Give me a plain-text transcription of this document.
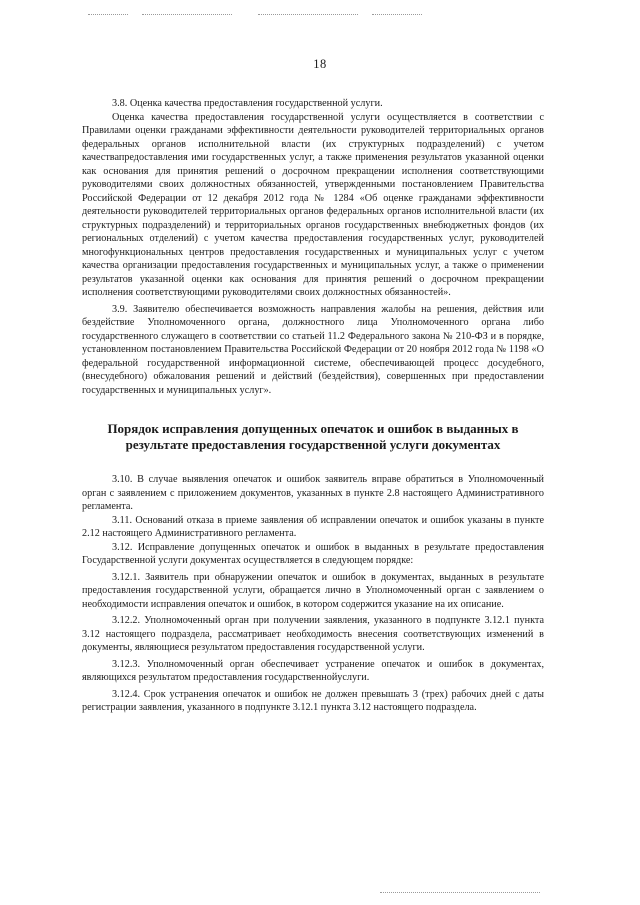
18

3.8. Оценка качества предоставления государственной услуги.

Оценка качества предоставления государственной услуги осуществляется в соответствии с Правилами оценки гражданами эффективности деятельности руководителей территориальных органов федеральных органов исполнительной власти (их структурных подразделений) с учетом качествапредоставления ими государственных услуг, а также применения результатов указанной оценки как основания для принятия решений о досрочном прекращении исполнения соответствующими руководителями своих должностных обязанностей, утвержденными постановлением Правительства Российской Федерации от 12 декабря 2012 года № 1284 «Об оценке гражданами эффективности деятельности руководителей территориальных органов федеральных органов исполнительной власти (их структурных подразделений) и территориальных органов государственных внебюджетных фондов (их региональных отделений) с учетом качества предоставления государственных услуг, руководителей многофункциональных центров предоставления государственных и муниципальных услуг с учетом качества организации предоставления государственных и муниципальных услуг, а также о применении результатов указанной оценки как основания для принятия решений о досрочном прекращении исполнения соответствующими руководителями своих должностных обязанностей».

3.9. Заявителю обеспечивается возможность направления жалобы на решения, действия или бездействие Уполномоченного органа, должностного лица Уполномоченного органа либо государственного служащего в соответствии со статьей 11.2 Федерального закона № 210-ФЗ и в порядке, установленном постановлением Правительства Российской Федерации от 20 ноября 2012 года № 1198 «О федеральной государственной информационной системе, обеспечивающей процесс досудебного, (внесудебного) обжалования решений и действий (бездействия), совершенных при предоставлении государственных и муниципальных услуг».

Порядок исправления допущенных опечаток и ошибок в выданных в результате предоставления государственной услуги документах

3.10. В случае выявления опечаток и ошибок заявитель вправе обратиться в Уполномоченный орган с заявлением с приложением документов, указанных в пункте 2.8 настоящего Административного регламента.

3.11. Оснований отказа в приеме заявления об исправлении опечаток и ошибок указаны в пункте 2.12 настоящего Административного регламента.

3.12. Исправление допущенных опечаток и ошибок в выданных в результате предоставления Государственной услуги документах осуществляется в следующем порядке:

3.12.1. Заявитель при обнаружении опечаток и ошибок в документах, выданных в результате предоставления государственной услуги, обращается лично в Уполномоченный орган с заявлением о необходимости исправления опечаток и ошибок, в котором содержится указание на их описание.

3.12.2. Уполномоченный орган при получении заявления, указанного в подпункте 3.12.1 пункта 3.12 настоящего подраздела, рассматривает необходимость внесения соответствующих изменений в документы, являющиеся результатом предоставления государственной услуги.

3.12.3. Уполномоченный орган обеспечивает устранение опечаток и ошибок в документах, являющихся результатом предоставления государственнойуслуги.

3.12.4. Срок устранения опечаток и ошибок не должен превышать 3 (трех) рабочих дней с даты регистрации заявления, указанного в подпункте 3.12.1 пункта 3.12 настоящего подраздела.
